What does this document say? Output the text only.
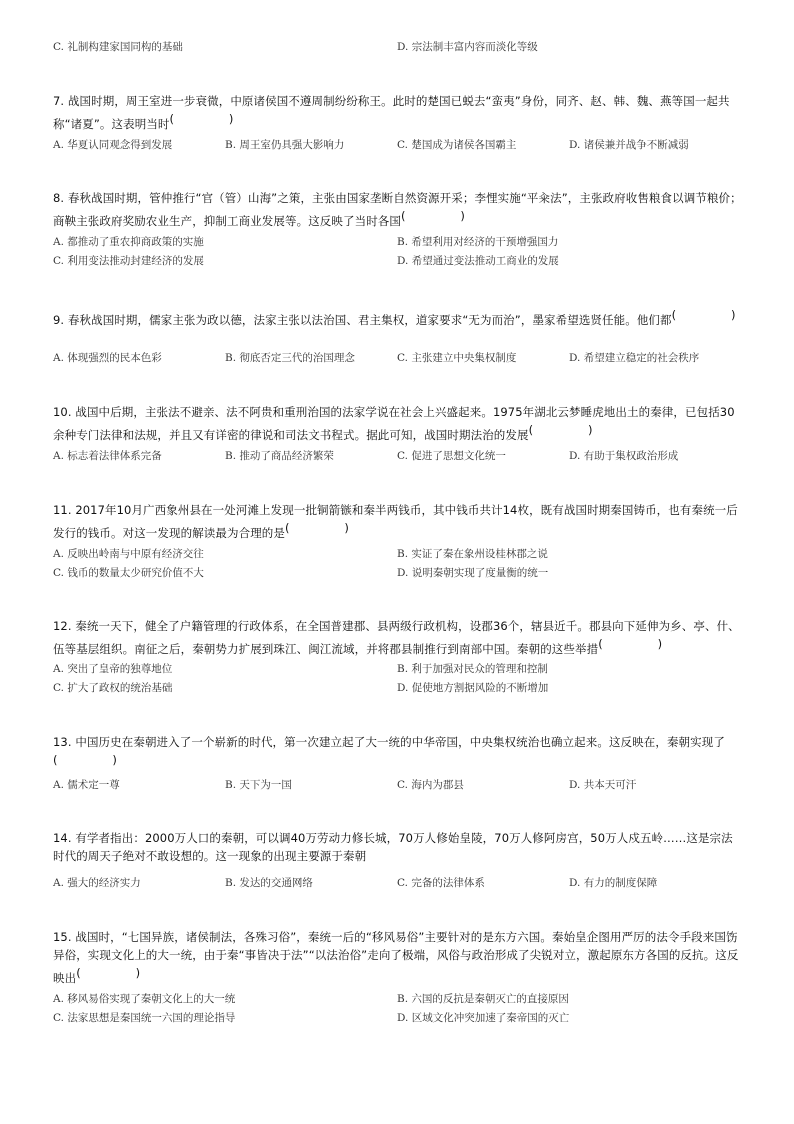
C. 礼制构建家国同构的基础	D. 宗法制丰富内容而淡化等级
7. 战国时期，周王室进一步衰微，中原诸侯国不遵周制纷纷称王。此时的楚国已蜕去“蛮夷”身份，同齐、赵、韩、魏、燕等国一起共称“诸夏”。这表明当时( )
A. 华夏认同观念得到发展	B. 周王室仍具强大影响力	C. 楚国成为诸侯各国霸主	D. 诸侯兼并战争不断减弱
8. 春秋战国时期，管仲推行“官（管）山海”之策，主张由国家垄断自然资源开采；李悝实施“平籴法”，主张政府收售粮食以调节粮价；商鞅主张政府奖励农业生产，抑制工商业发展等。这反映了当时各国( )
A. 都推动了重农抑商政策的实施	B. 希望利用对经济的干预增强国力
C. 利用变法推动封建经济的发展	D. 希望通过变法推动工商业的发展
9. 春秋战国时期，儒家主张为政以德，法家主张以法治国、君主集权，道家要求“无为而治”，墨家希望选贤任能。他们都( )
A. 体现强烈的民本色彩	B. 彻底否定三代的治国理念	C. 主张建立中央集权制度	D. 希望建立稳定的社会秩序
10. 战国中后期，主张法不避亲、法不阿贵和重刑治国的法家学说在社会上兴盛起来。1975年湖北云梦睡虎地出土的秦律，已包括30余种专门法律和法规，并且又有详密的律说和司法文书程式。据此可知，战国时期法治的发展( )
A. 标志着法律体系完备	B. 推动了商品经济繁荣	C. 促进了思想文化统一	D. 有助于集权政治形成
11. 2017年10月广西象州县在一处河滩上发现一批铜箭镞和秦半两钱币，其中钱币共计14枚，既有战国时期秦国铸币，也有秦统一后发行的钱币。对这一发现的解读最为合理的是( )
A. 反映出岭南与中原有经济交往	B. 实证了秦在象州设桂林郡之说
C. 钱币的数量太少研究价值不大	D. 说明秦朝实现了度量衡的统一
12. 秦统一天下，健全了户籍管理的行政体系，在全国普建郡、县两级行政机构，设郡36个，辖县近千。郡县向下延伸为乡、亭、什、伍等基层组织。南征之后，秦朝势力扩展到珠江、闽江流域，并将郡县制推行到南部中国。秦朝的这些举措( )
A. 突出了皇帝的独尊地位	B. 利于加强对民众的管理和控制
C. 扩大了政权的统治基础	D. 促使地方割据风险的不断增加
13. 中国历史在秦朝进入了一个崭新的时代，第一次建立起了大一统的中华帝国，中央集权统治也确立起来。这反映在，秦朝实现了( )
A. 儒术定一尊	B. 天下为一国	C. 海内为郡县	D. 共本天可汗
14. 有学者指出：2000万人口的秦朝，可以调40万劳动力修长城，70万人修始皇陵，70万人修阿房宫，50万人戍五岭……这是宗法时代的周天子绝对不敢设想的。这一现象的出现主要源于秦朝
A. 强大的经济实力	B. 发达的交通网络	C. 完备的法律体系	D. 有力的制度保障
15. 战国时，“七国异族，诸侯制法，各殊习俗”，秦统一后的“移风易俗”主要针对的是东方六国。秦始皇企图用严厉的法令手段来国饬异俗，实现文化上的大一统，由于秦“事皆决于法”“以法治俗”走向了极端，风俗与政治形成了尖锐对立，激起原东方各国的反抗。这反映出( )
A. 移风易俗实现了秦朝文化上的大一统	B. 六国的反抗是秦朝灭亡的直接原因
C. 法家思想是秦国统一六国的理论指导	D. 区域文化冲突加速了秦帝国的灭亡
